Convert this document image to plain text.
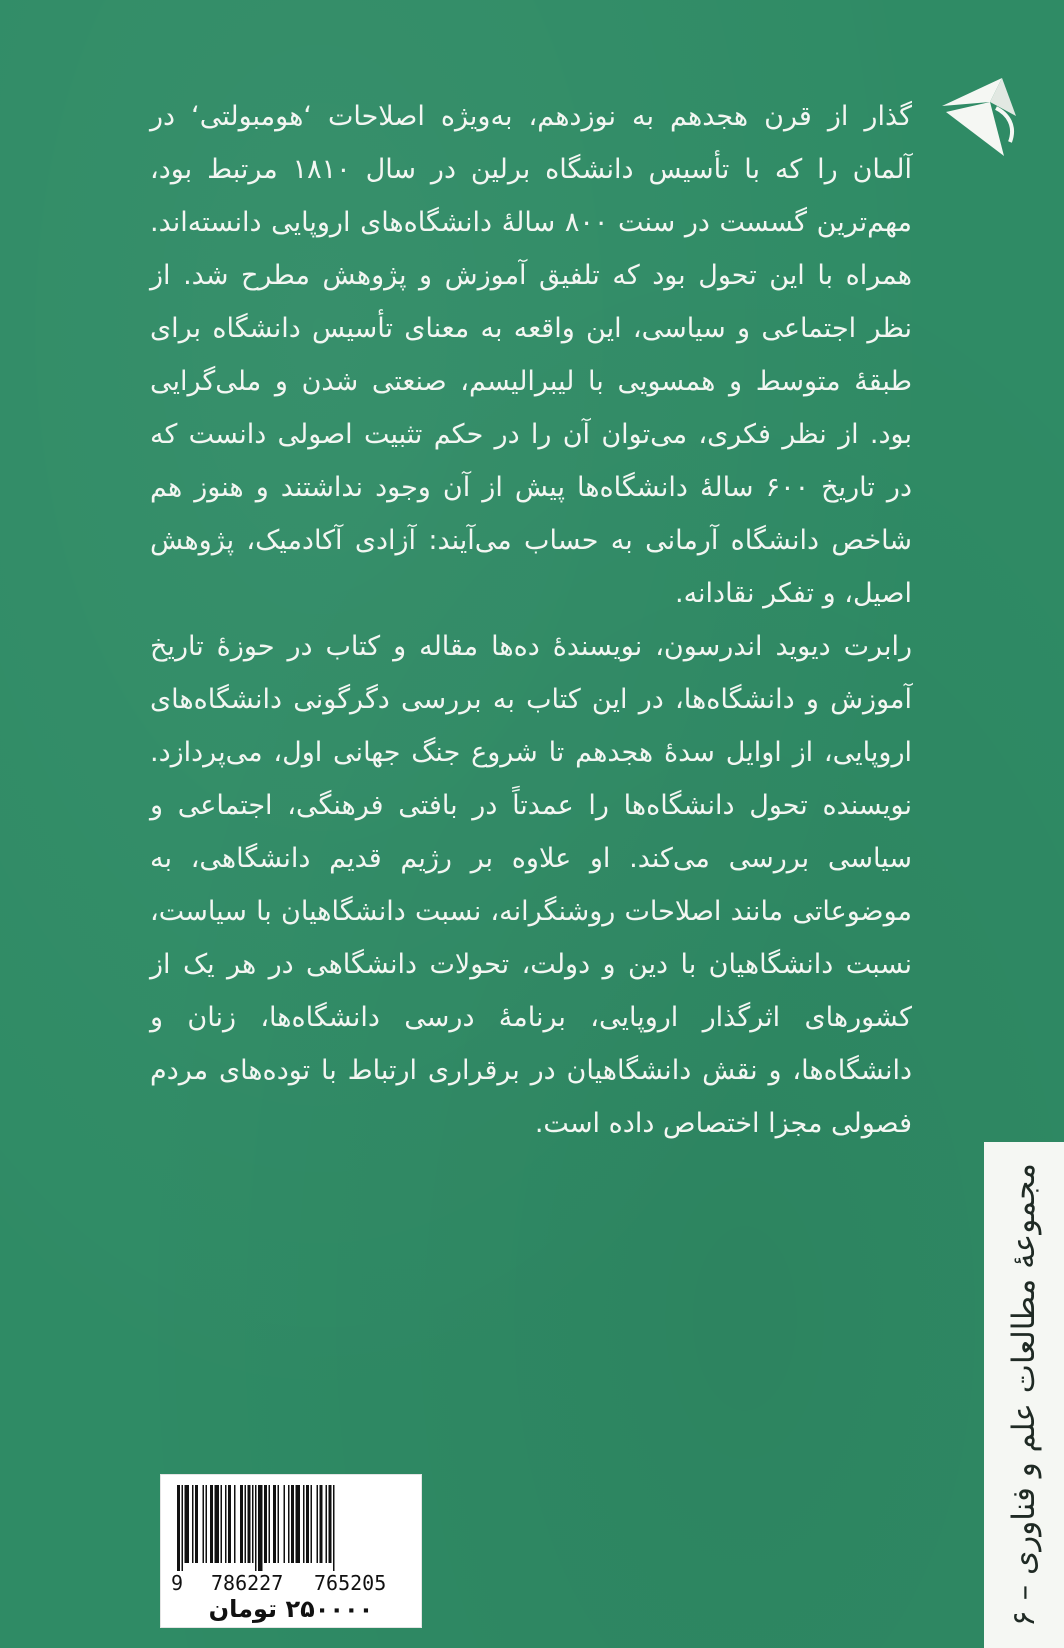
گذار از قرن هجدهم به نوزدهم، به‌ویژه اصلاحات ‘هومبولتی‘ در آلمان را که با تأسیس دانشگاه برلین در سال ۱۸۱۰ مرتبط بود، مهم‌ترین گسست در سنت ۸۰۰ سالهٔ دانشگاه‌های اروپایی دانسته‌اند. همراه با این تحول بود که تلفیق آموزش و پژوهش مطرح شد. از نظر اجتماعی و سیاسی، این واقعه به معنای تأسیس دانشگاه برای طبقهٔ متوسط و همسویی با لیبرالیسم، صنعتی شدن و ملی‌گرایی بود. از نظر فکری، می‌توان آن را در حکم تثبیت اصولی دانست که در تاریخ ۶۰۰ سالهٔ دانشگاه‌ها پیش از آن وجود نداشتند و هنوز هم شاخص دانشگاه آرمانی به حساب می‌آیند: آزادی آکادمیک، پژوهش اصیل، و تفکر نقادانه.

رابرت دیوید اندرسون، نویسندهٔ ده‌ها مقاله و کتاب در حوزهٔ تاریخ آموزش و دانشگاه‌ها، در این کتاب به بررسی دگرگونی دانشگاه‌های اروپایی، از اوایل سدهٔ هجدهم تا شروع جنگ جهانی اول، می‌پردازد. نویسنده تحول دانشگاه‌ها را عمدتاً در بافتی فرهنگی، اجتماعی و سیاسی بررسی می‌کند. او علاوه بر رژیم قدیم دانشگاهی، به موضوعاتی مانند اصلاحات روشنگرانه، نسبت دانشگاهیان با سیاست، نسبت دانشگاهیان با دین و دولت، تحولات دانشگاهی در هر یک از کشورهای اثرگذار اروپایی، برنامهٔ درسی دانشگاه‌ها، زنان و دانشگاه‌ها، و نقش دانشگاهیان در برقراری ارتباط با توده‌های مردم فصولی مجزا اختصاص داده است.

مجموعهٔ مطالعات علم و فناوری – ۶
9 786227 765205
۲۵۰۰۰۰ تومان
